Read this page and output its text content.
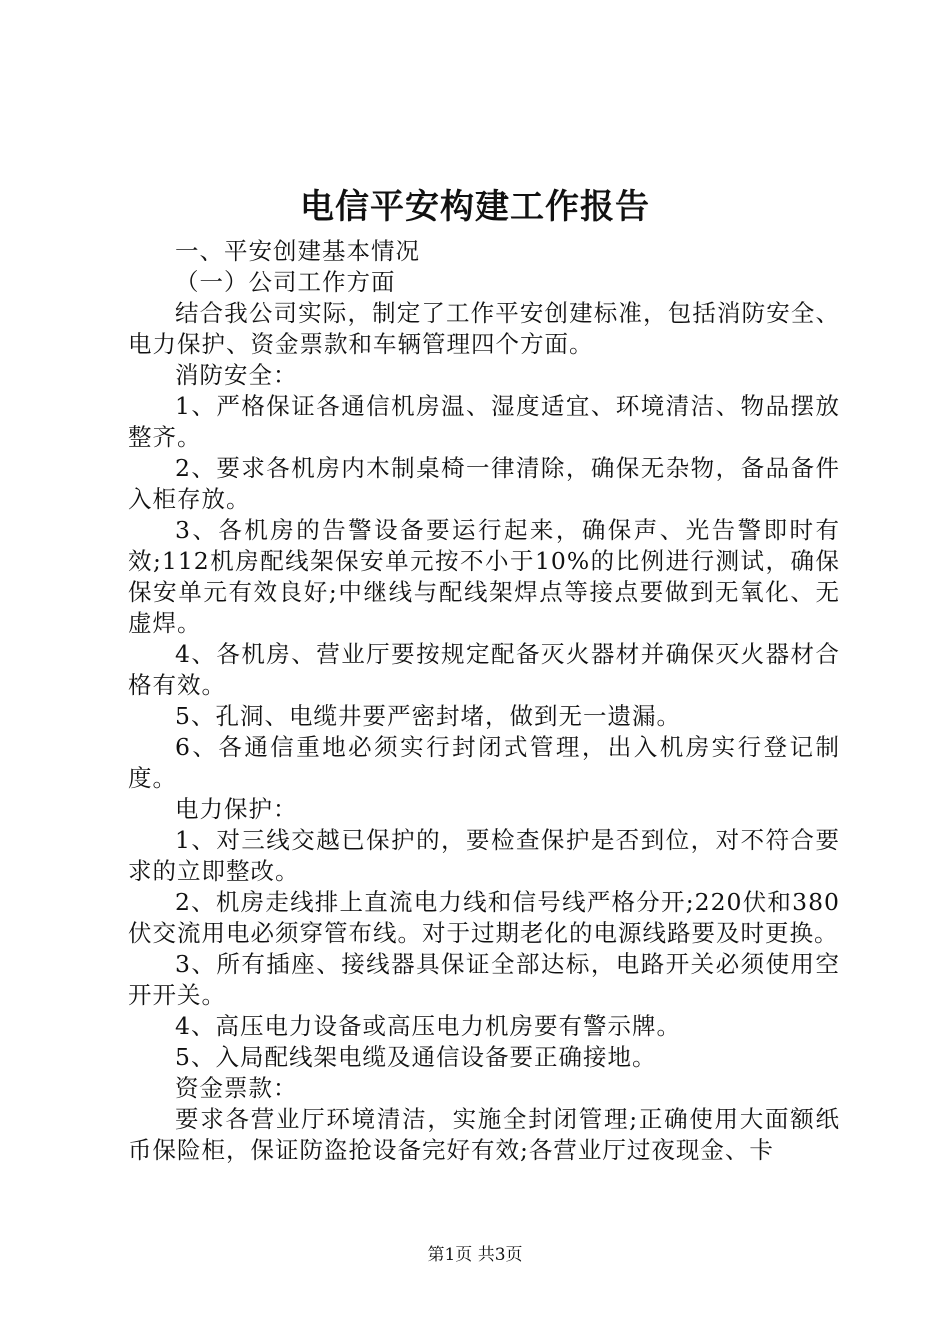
电信平安构建工作报告

一、平安创建基本情况

（一）公司工作方面

结合我公司实际，制定了工作平安创建标准，包括消防安全、电力保护、资金票款和车辆管理四个方面。

消防安全：

1、严格保证各通信机房温、湿度适宜、环境清洁、物品摆放整齐。

2、要求各机房内木制桌椅一律清除，确保无杂物，备品备件入柜存放。

3、各机房的告警设备要运行起来，确保声、光告警即时有效;112机房配线架保安单元按不小于10%的比例进行测试，确保保安单元有效良好;中继线与配线架焊点等接点要做到无氧化、无虚焊。

4、各机房、营业厅要按规定配备灭火器材并确保灭火器材合格有效。

5、孔洞、电缆井要严密封堵，做到无一遗漏。

6、各通信重地必须实行封闭式管理，出入机房实行登记制度。

电力保护：

1、对三线交越已保护的，要检查保护是否到位，对不符合要求的立即整改。

2、机房走线排上直流电力线和信号线严格分开;220伏和380伏交流用电必须穿管布线。对于过期老化的电源线路要及时更换。

3、所有插座、接线器具保证全部达标，电路开关必须使用空开开关。

4、高压电力设备或高压电力机房要有警示牌。

5、入局配线架电缆及通信设备要正确接地。

资金票款：

要求各营业厅环境清洁，实施全封闭管理;正确使用大面额纸币保险柜，保证防盗抢设备完好有效;各营业厅过夜现金、卡

第1页 共3页
